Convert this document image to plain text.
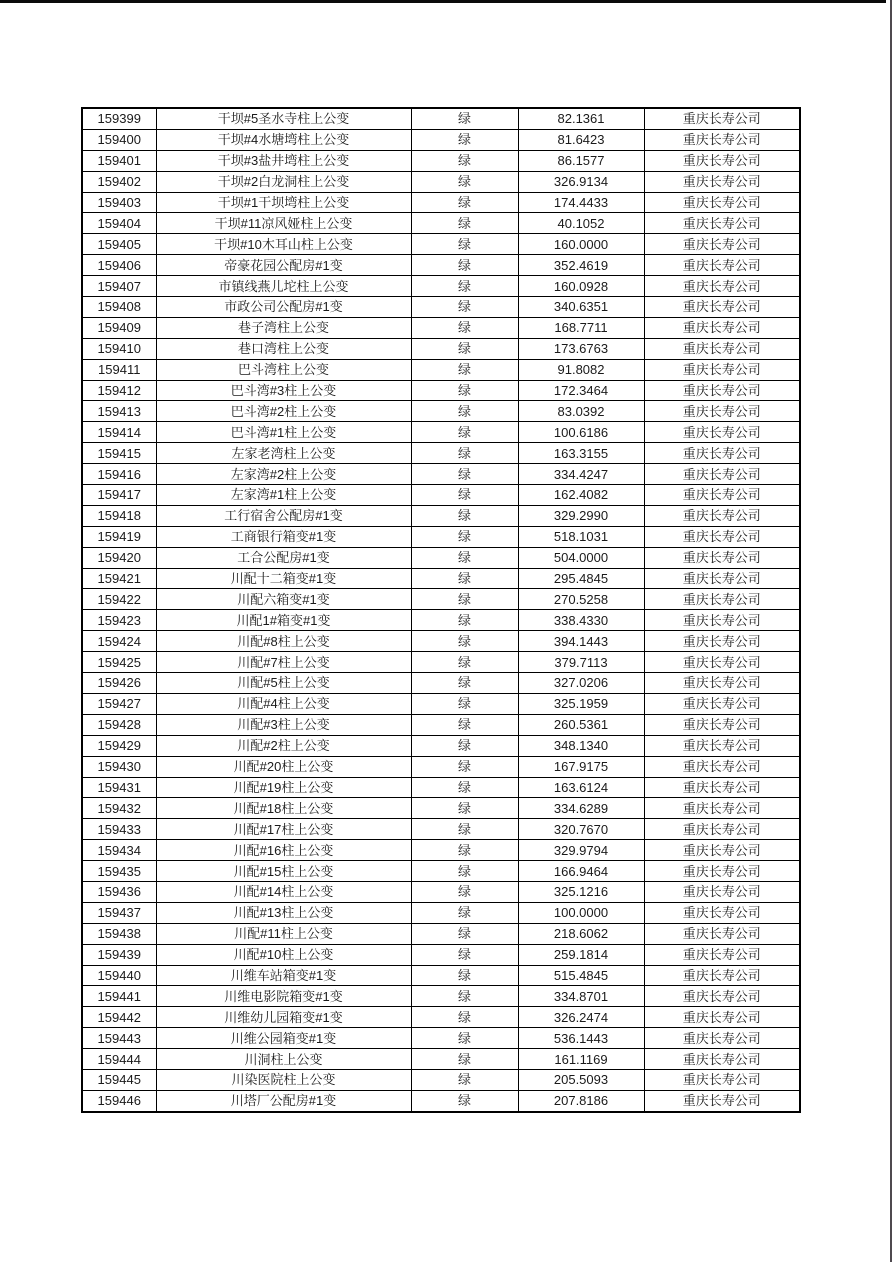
159399	干坝#5圣水寺柱上公变	绿	82.1361	重庆长寿公司
159400	干坝#4水塘塆柱上公变	绿	81.6423	重庆长寿公司
159401	干坝#3盐井塆柱上公变	绿	86.1577	重庆长寿公司
159402	干坝#2白龙洞柱上公变	绿	326.9134	重庆长寿公司
159403	干坝#1干坝塆柱上公变	绿	174.4433	重庆长寿公司
159404	干坝#11凉风娅柱上公变	绿	40.1052	重庆长寿公司
159405	干坝#10木耳山柱上公变	绿	160.0000	重庆长寿公司
159406	帝豪花园公配房#1变	绿	352.4619	重庆长寿公司
159407	市镇线燕儿坨柱上公变	绿	160.0928	重庆长寿公司
159408	市政公司公配房#1变	绿	340.6351	重庆长寿公司
159409	巷子湾柱上公变	绿	168.7711	重庆长寿公司
159410	巷口湾柱上公变	绿	173.6763	重庆长寿公司
159411	巴斗湾柱上公变	绿	91.8082	重庆长寿公司
159412	巴斗湾#3柱上公变	绿	172.3464	重庆长寿公司
159413	巴斗湾#2柱上公变	绿	83.0392	重庆长寿公司
159414	巴斗湾#1柱上公变	绿	100.6186	重庆长寿公司
159415	左家老湾柱上公变	绿	163.3155	重庆长寿公司
159416	左家湾#2柱上公变	绿	334.4247	重庆长寿公司
159417	左家湾#1柱上公变	绿	162.4082	重庆长寿公司
159418	工行宿舍公配房#1变	绿	329.2990	重庆长寿公司
159419	工商银行箱变#1变	绿	518.1031	重庆长寿公司
159420	工合公配房#1变	绿	504.0000	重庆长寿公司
159421	川配十二箱变#1变	绿	295.4845	重庆长寿公司
159422	川配六箱变#1变	绿	270.5258	重庆长寿公司
159423	川配1#箱变#1变	绿	338.4330	重庆长寿公司
159424	川配#8柱上公变	绿	394.1443	重庆长寿公司
159425	川配#7柱上公变	绿	379.7113	重庆长寿公司
159426	川配#5柱上公变	绿	327.0206	重庆长寿公司
159427	川配#4柱上公变	绿	325.1959	重庆长寿公司
159428	川配#3柱上公变	绿	260.5361	重庆长寿公司
159429	川配#2柱上公变	绿	348.1340	重庆长寿公司
159430	川配#20柱上公变	绿	167.9175	重庆长寿公司
159431	川配#19柱上公变	绿	163.6124	重庆长寿公司
159432	川配#18柱上公变	绿	334.6289	重庆长寿公司
159433	川配#17柱上公变	绿	320.7670	重庆长寿公司
159434	川配#16柱上公变	绿	329.9794	重庆长寿公司
159435	川配#15柱上公变	绿	166.9464	重庆长寿公司
159436	川配#14柱上公变	绿	325.1216	重庆长寿公司
159437	川配#13柱上公变	绿	100.0000	重庆长寿公司
159438	川配#11柱上公变	绿	218.6062	重庆长寿公司
159439	川配#10柱上公变	绿	259.1814	重庆长寿公司
159440	川维车站箱变#1变	绿	515.4845	重庆长寿公司
159441	川维电影院箱变#1变	绿	334.8701	重庆长寿公司
159442	川维幼儿园箱变#1变	绿	326.2474	重庆长寿公司
159443	川维公园箱变#1变	绿	536.1443	重庆长寿公司
159444	川洞柱上公变	绿	161.1169	重庆长寿公司
159445	川染医院柱上公变	绿	205.5093	重庆长寿公司
159446	川塔厂公配房#1变	绿	207.8186	重庆长寿公司
